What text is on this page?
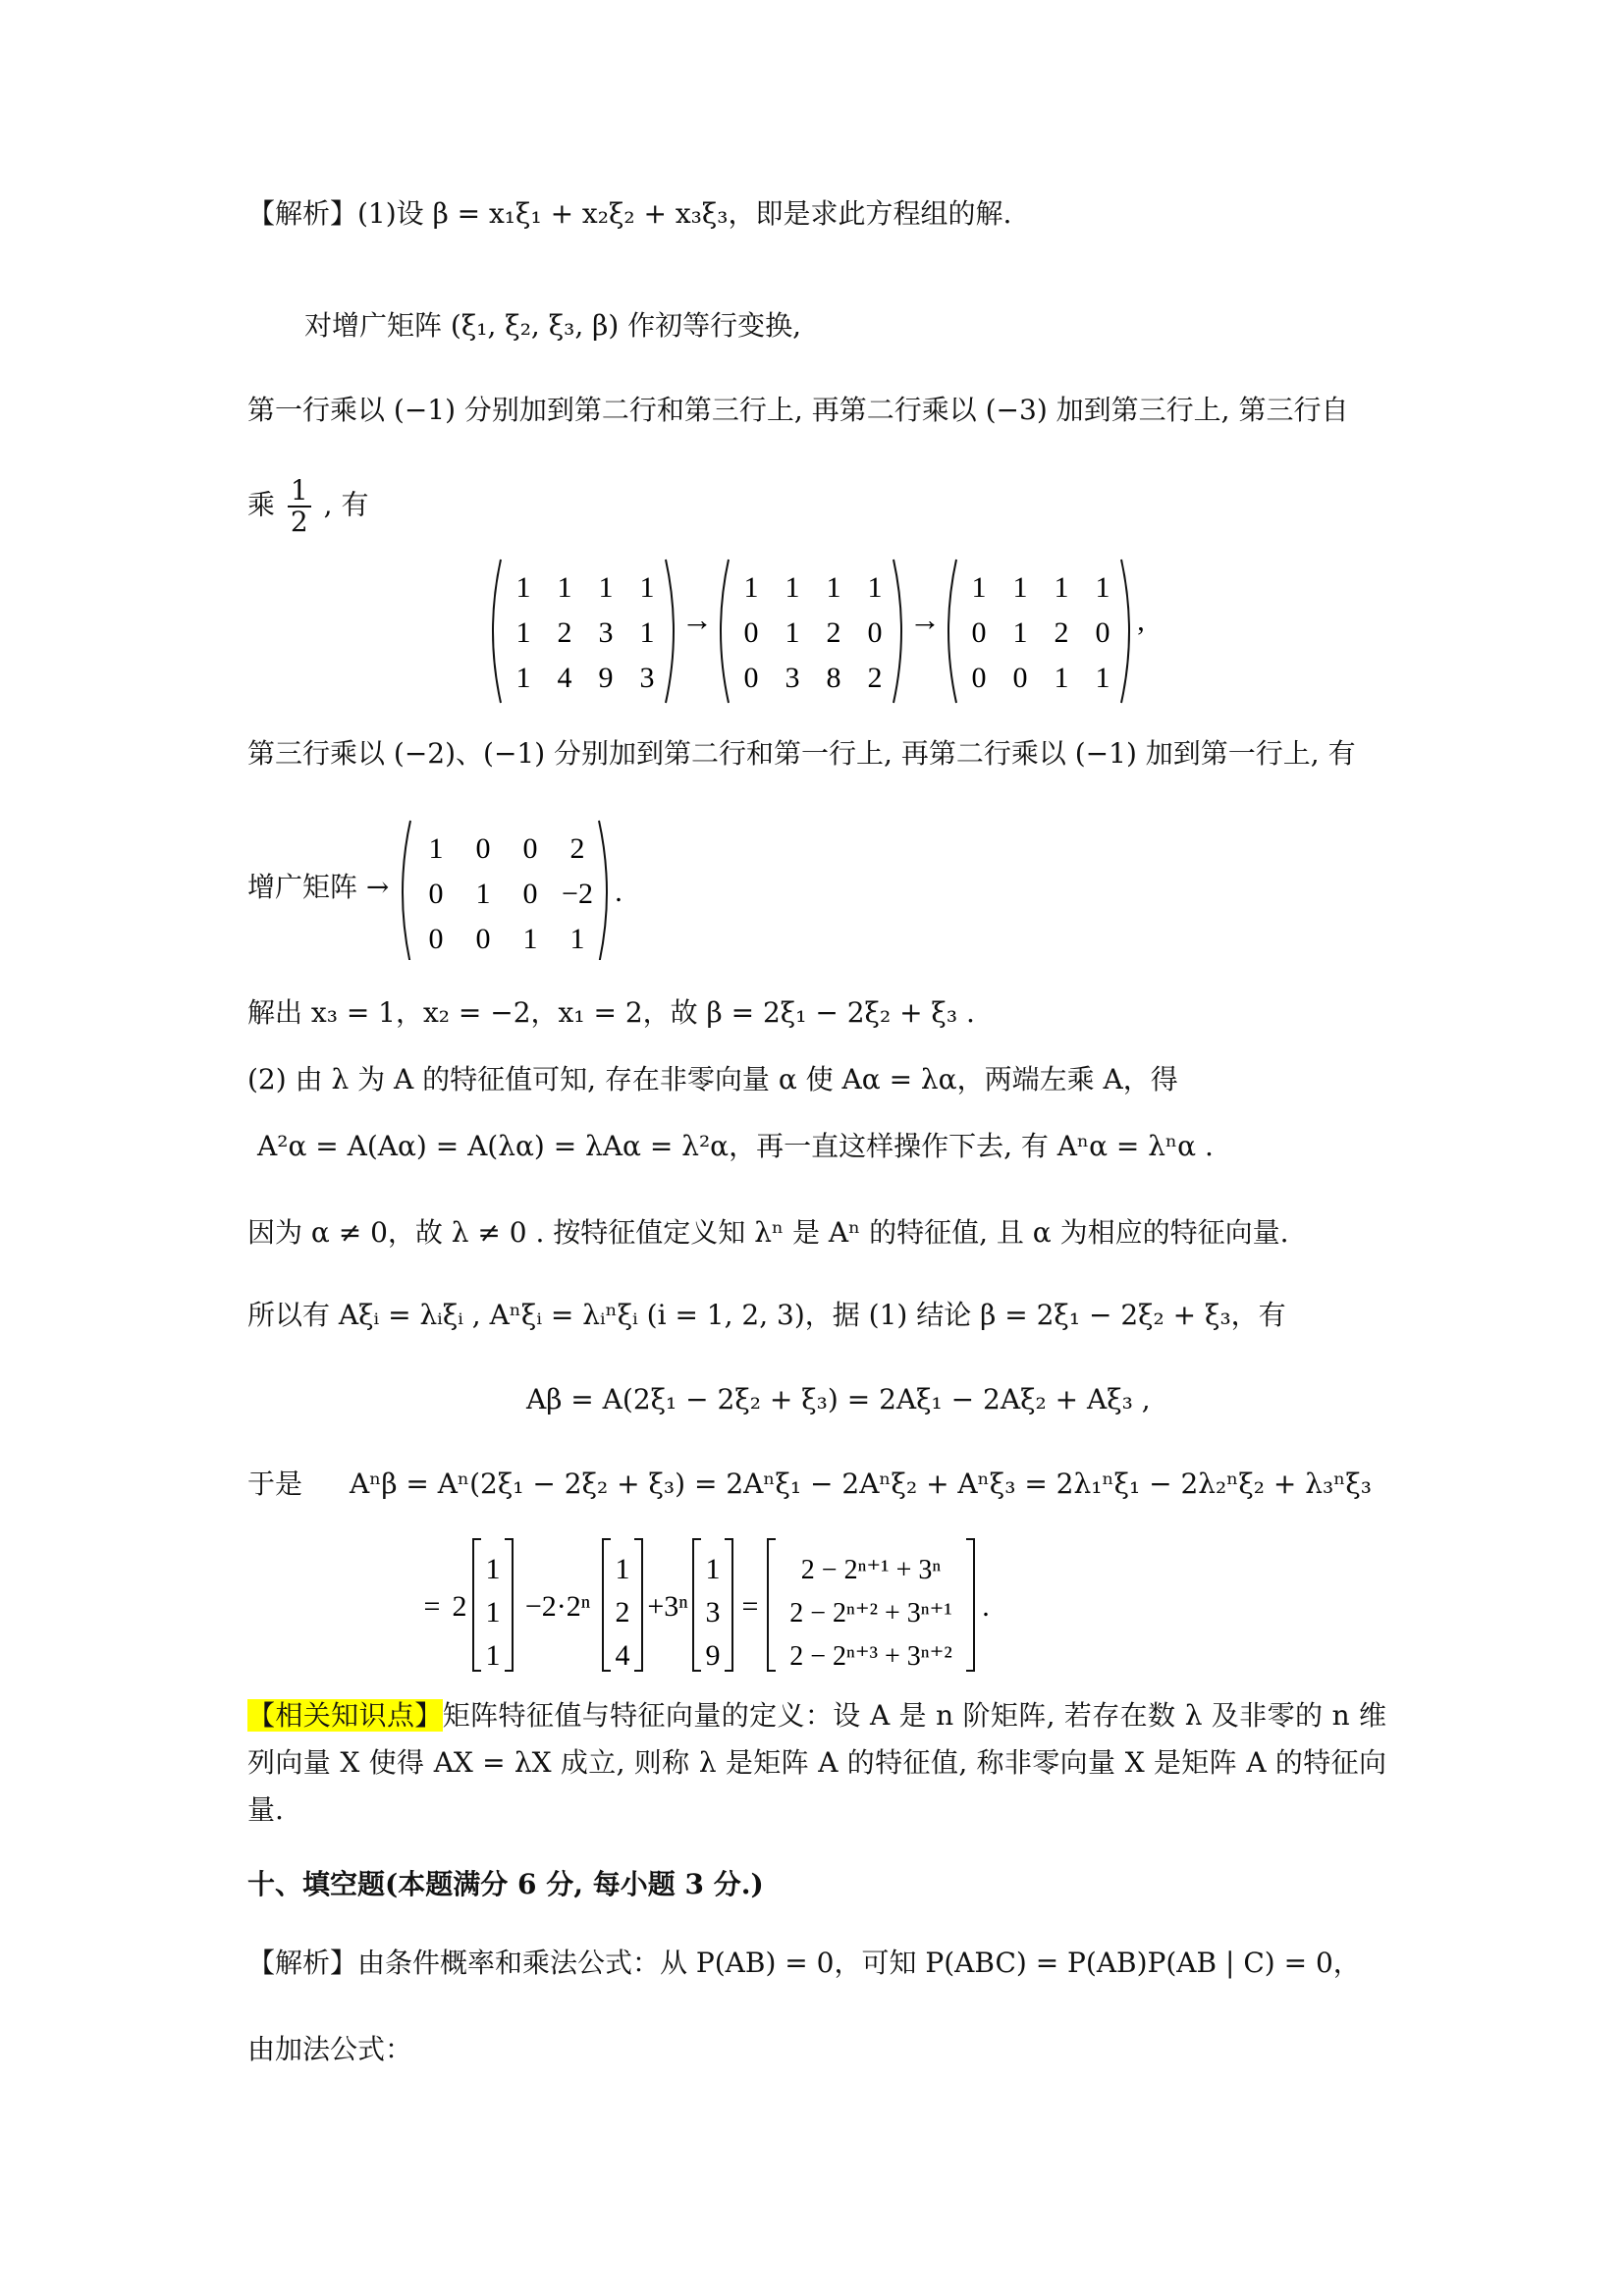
【解析】(1)设 β = x₁ξ₁ + x₂ξ₂ + x₃ξ₃，即是求此方程组的解.
对增广矩阵 (ξ₁, ξ₂, ξ₃, β) 作初等行变换,
第一行乘以 (−1) 分别加到第二行和第三行上, 再第二行乘以 (−3) 加到第三行上, 第三行自
乘 $\frac{1}{2}$ , 有
1 1 1 1
1 2 3 1
1 4 9 3
→
1 1 1 1
0 1 2 0
0 3 8 2
→
1 1 1 1
0 1 2 0
0 0 1 1
,
第三行乘以 (−2)、(−1) 分别加到第二行和第一行上, 再第二行乘以 (−1) 加到第一行上, 有
增广矩阵 →
1 0 0 2
0 1 0 −2
0 0 1 1
.
解出 x₃ = 1，x₂ = −2，x₁ = 2，故 β = 2ξ₁ − 2ξ₂ + ξ₃ .
(2) 由 λ 为 A 的特征值可知, 存在非零向量 α 使 Aα = λα，两端左乘 A，得
A²α = A(Aα) = A(λα) = λAα = λ²α，再一直这样操作下去, 有 Aⁿα = λⁿα .
因为 α ≠ 0，故 λ ≠ 0 . 按特征值定义知 λⁿ 是 Aⁿ 的特征值, 且 α 为相应的特征向量.
所以有 Aξᵢ = λᵢξᵢ , Aⁿξᵢ = λᵢⁿξᵢ (i = 1, 2, 3)，据 (1) 结论 β = 2ξ₁ − 2ξ₂ + ξ₃，有
Aβ = A(2ξ₁ − 2ξ₂ + ξ₃) = 2Aξ₁ − 2Aξ₂ + Aξ₃ ,
于是 Aⁿβ = Aⁿ(2ξ₁ − 2ξ₂ + ξ₃) = 2Aⁿξ₁ − 2Aⁿξ₂ + Aⁿξ₃ = 2λ₁ⁿξ₁ − 2λ₂ⁿξ₂ + λ₃ⁿξ₃
= 2
1
1
1
−2·2ⁿ
1
2
4
+3ⁿ
1
3
9
=
2 − 2ⁿ⁺¹ + 3ⁿ
2 − 2ⁿ⁺² + 3ⁿ⁺¹
2 − 2ⁿ⁺³ + 3ⁿ⁺²
.
【相关知识点】矩阵特征值与特征向量的定义：设 A 是 n 阶矩阵, 若存在数 λ 及非零的 n 维列向量 X 使得 AX = λX 成立, 则称 λ 是矩阵 A 的特征值, 称非零向量 X 是矩阵 A 的特征向量.
十、填空题(本题满分 6 分, 每小题 3 分.)
【解析】由条件概率和乘法公式：从 P(AB) = 0，可知 P(ABC) = P(AB)P(AB | C) = 0，
由加法公式：
